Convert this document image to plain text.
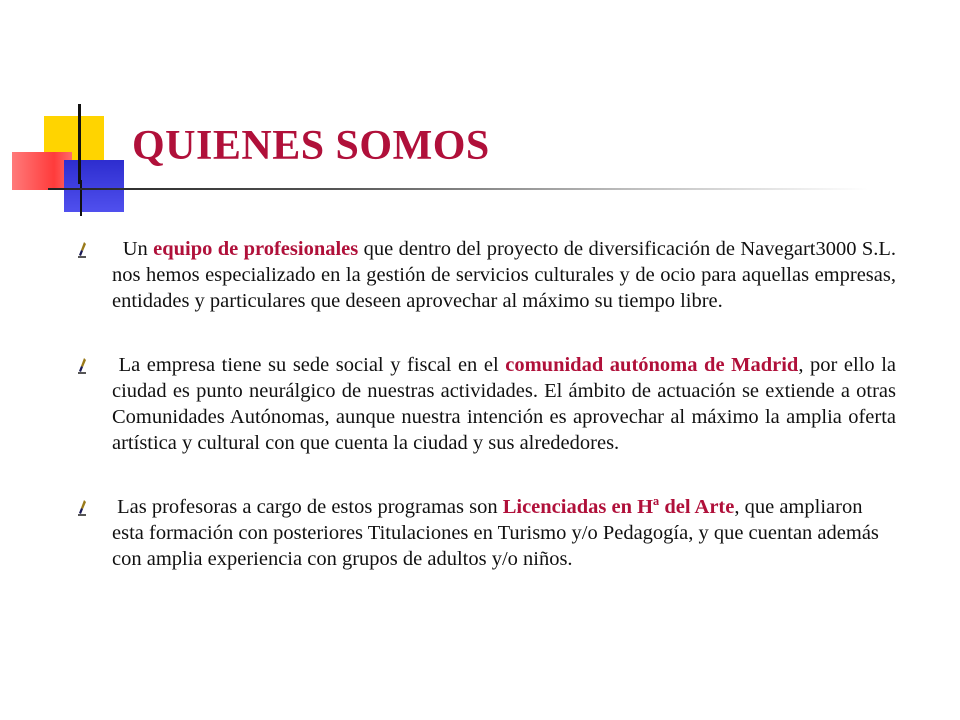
QUIENES SOMOS

Un equipo de profesionales que dentro del proyecto de diversificación de Navegart3000 S.L. nos hemos especializado en la gestión de servicios culturales y de ocio para aquellas empresas, entidades y particulares que deseen aprovechar al máximo su tiempo libre.

La empresa tiene su sede social y fiscal en el comunidad autónoma de Madrid, por ello la ciudad es punto neurálgico de nuestras actividades. El ámbito de actuación se extiende a otras Comunidades Autónomas, aunque nuestra intención es aprovechar al máximo la amplia oferta artística y cultural con que cuenta la ciudad y sus alrededores.

Las profesoras a cargo de estos programas son Licenciadas en Hª del Arte, que ampliaron esta formación con posteriores Titulaciones en Turismo y/o Pedagogía, y que cuentan además con amplia experiencia con grupos de adultos y/o niños.
